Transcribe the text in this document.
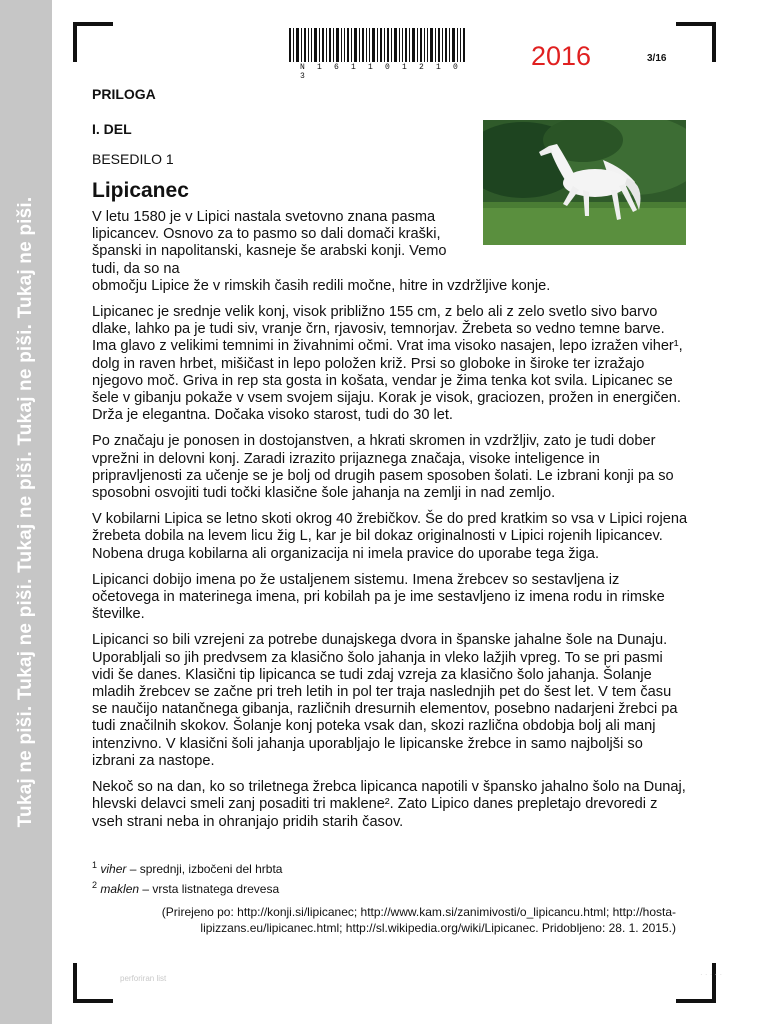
Tukaj ne piši. Tukaj ne piši. Tukaj ne piši. Tukaj ne piši. Tukaj ne piši.
N 1 6 1 1 0 1 2 1 0 3
2016	3/16
PRILOGA
I. DEL
BESEDILO 1
Lipicanec

V letu 1580 je v Lipici nastala svetovno znana pasma lipicancev. Osnovo za to pasmo so dali domači kraški, španski in napolitanski, kasneje še arabski konji. Vemo tudi, da so na
območju Lipice že v rimskih časih redili močne, hitre in vzdržljive konje.

Lipicanec je srednje velik konj, visok približno 155 cm, z belo ali z zelo svetlo sivo barvo dlake, lahko pa je tudi siv, vranje črn, rjavosiv, temnorjav. Žrebeta so vedno temne barve. Ima glavo z velikimi temnimi in živahnimi očmi. Vrat ima visoko nasajen, lepo izražen viher¹, dolg in raven hrbet, mišičast in lepo položen križ. Prsi so globoke in široke ter izražajo njegovo moč. Griva in rep sta gosta in košata, vendar je žima tenka kot svila. Lipicanec se šele v gibanju pokaže v vsem svojem sijaju. Korak je visok, graciozen, prožen in energičen. Drža je elegantna. Dočaka visoko starost, tudi do 30 let.

Po značaju je ponosen in dostojanstven, a hkrati skromen in vzdržljiv, zato je tudi dober vprežni in delovni konj. Zaradi izrazito prijaznega značaja, visoke inteligence in pripravljenosti za učenje se je bolj od drugih pasem sposoben šolati. Le izbrani konji pa so sposobni osvojiti tudi točki klasične šole jahanja na zemlji in nad zemljo.

V kobilarni Lipica se letno skoti okrog 40 žrebičkov. Še do pred kratkim so vsa v Lipici rojena žrebeta dobila na levem licu žig L, kar je bil dokaz originalnosti v Lipici rojenih lipicancev. Nobena druga kobilarna ali organizacija ni imela pravice do uporabe tega žiga.

Lipicanci dobijo imena po že ustaljenem sistemu. Imena žrebcev so sestavljena iz očetovega in materinega imena, pri kobilah pa je ime sestavljeno iz imena rodu in rimske številke.

Lipicanci so bili vzrejeni za potrebe dunajskega dvora in španske jahalne šole na Dunaju. Uporabljali so jih predvsem za klasično šolo jahanja in vleko lažjih vpreg. To se pri pasmi vidi še danes. Klasični tip lipicanca se tudi zdaj vzreja za klasično šolo jahanja. Šolanje mladih žrebcev se začne pri treh letih in pol ter traja naslednjih pet do šest let. V tem času se naučijo natančnega gibanja, različnih dresurnih elementov, posebno nadarjeni žrebci pa tudi značilnih skokov. Šolanje konj poteka vsak dan, skozi različna obdobja bolj ali manj intenzivno. V klasični šoli jahanja uporabljajo le lipicanske žrebce in samo najboljši so izbrani za nastope.

Nekoč so na dan, ko so triletnega žrebca lipicanca napotili v špansko jahalno šolo na Dunaj, hlevski delavci smeli zanj posaditi tri maklene². Zato Lipico danes prepletajo drevoredi z vseh strani neba in ohranjajo pridih starih časov.

$^1$ viher – sprednji, izbočeni del hrbta

$^2$ maklen – vrsta listnatega drevesa

(Prirejeno po: http://konji.si/lipicanec; http://www.kam.si/zanimivosti/o_lipicancu.html; http://hosta-lipizzans.eu/lipicanec.html; http://sl.wikipedia.org/wiki/Lipicanec. Pridobljeno: 28. 1. 2015.)
perforiran list	· · · · ·
